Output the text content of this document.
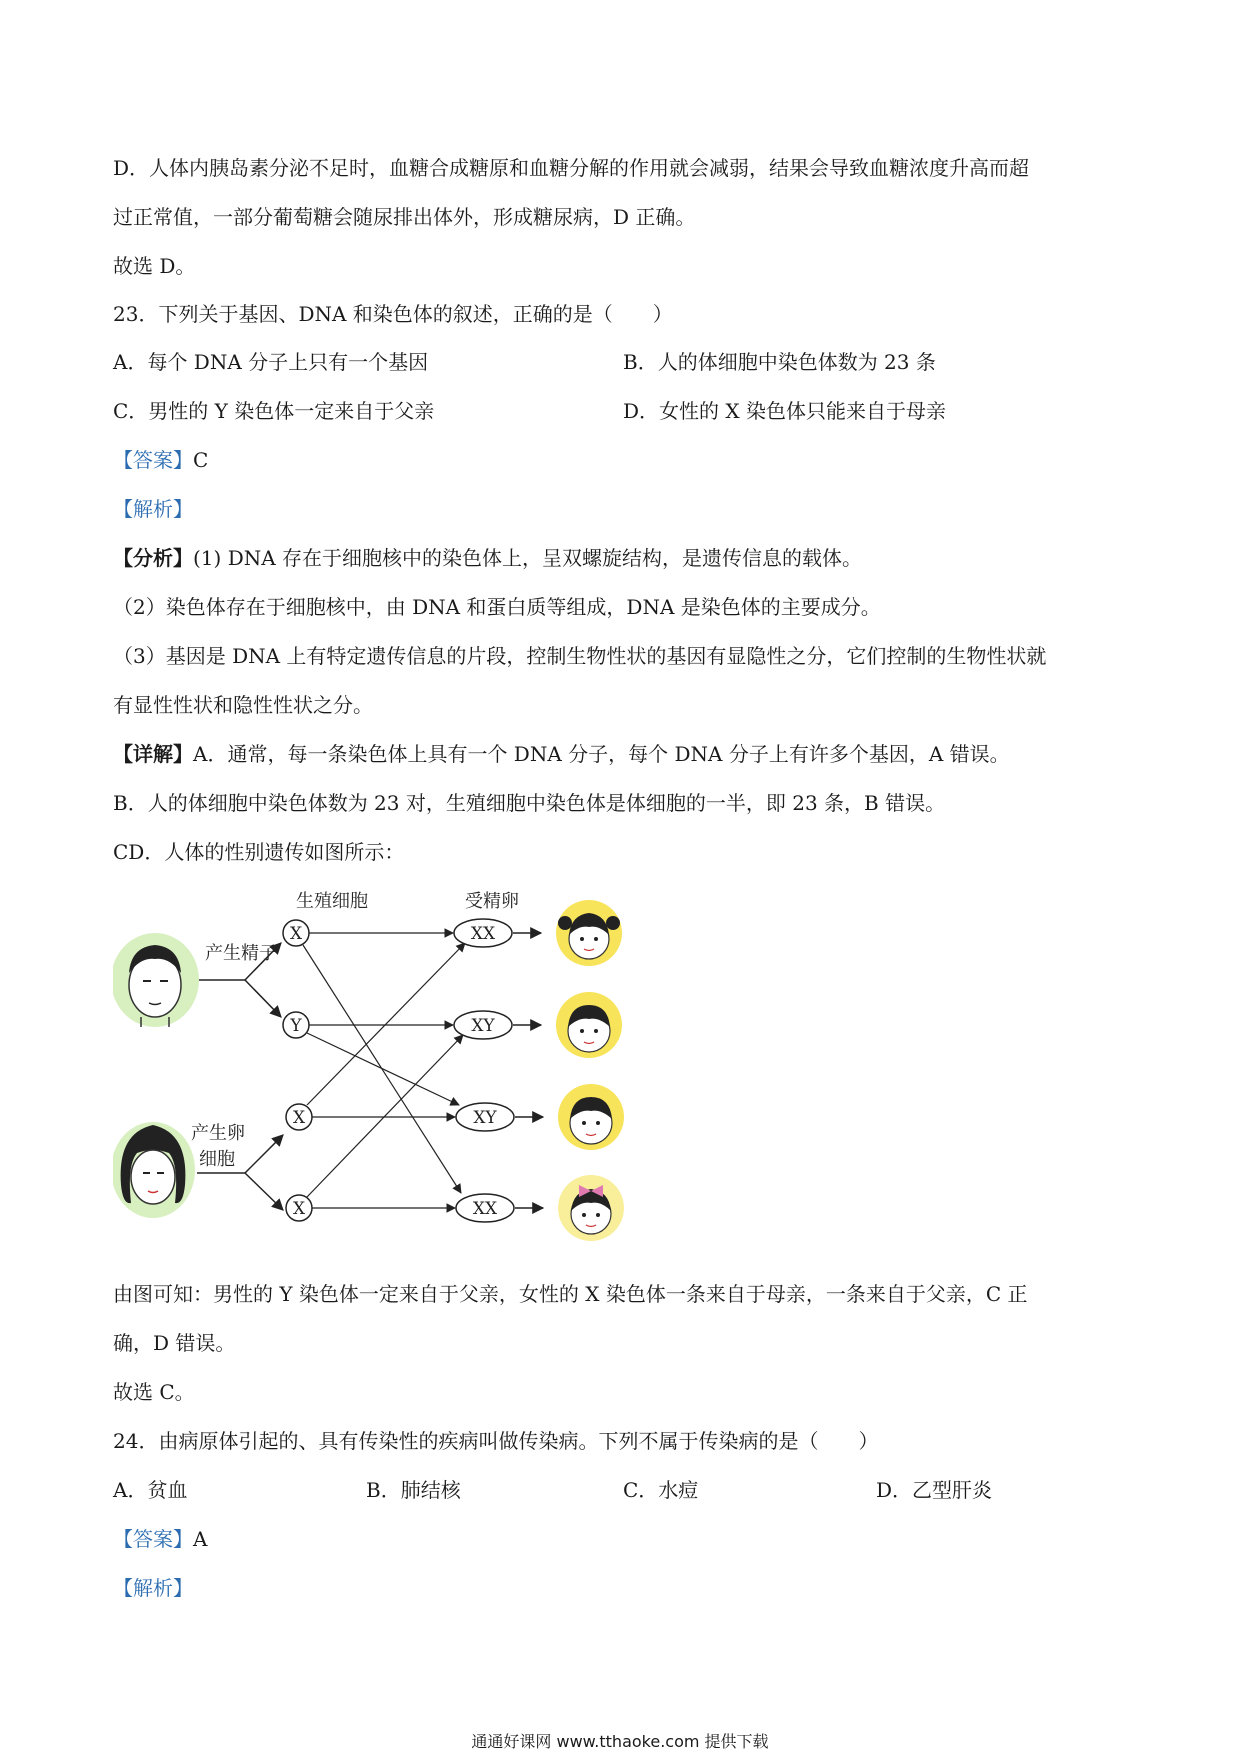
D．人体内胰岛素分泌不足时，血糖合成糖原和血糖分解的作用就会减弱，结果会导致血糖浓度升高而超
过正常值，一部分葡萄糖会随尿排出体外，形成糖尿病，D 正确。
故选 D。
23．下列关于基因、DNA 和染色体的叙述，正确的是（　　）
A．每个 DNA 分子上只有一个基因	B．人的体细胞中染色体数为 23 条
C．男性的 Y 染色体一定来自于父亲	D．女性的 X 染色体只能来自于母亲
【答案】C
【解析】
【分析】(1) DNA 存在于细胞核中的染色体上，呈双螺旋结构，是遗传信息的载体。
（2）染色体存在于细胞核中，由 DNA 和蛋白质等组成，DNA 是染色体的主要成分。
（3）基因是 DNA 上有特定遗传信息的片段，控制生物性状的基因有显隐性之分，它们控制的生物性状就
有显性性状和隐性性状之分。
【详解】A．通常，每一条染色体上具有一个 DNA 分子，每个 DNA 分子上有许多个基因，A 错误。
B．人的体细胞中染色体数为 23 对，生殖细胞中染色体是体细胞的一半，即 23 条，B 错误。
CD．人体的性别遗传如图所示：
生殖细胞	受精卵
产生精子
产生卵
细胞
X
Y
X
X
XX
XY
XY
XX
由图可知：男性的 Y 染色体一定来自于父亲，女性的 X 染色体一条来自于母亲，一条来自于父亲，C 正
确，D 错误。
故选 C。
24．由病原体引起的、具有传染性的疾病叫做传染病。下列不属于传染病的是（　　）
A．贫血	B．肺结核	C．水痘	D．乙型肝炎
【答案】A
【解析】
通通好课网 www.tthaoke.com 提供下载
